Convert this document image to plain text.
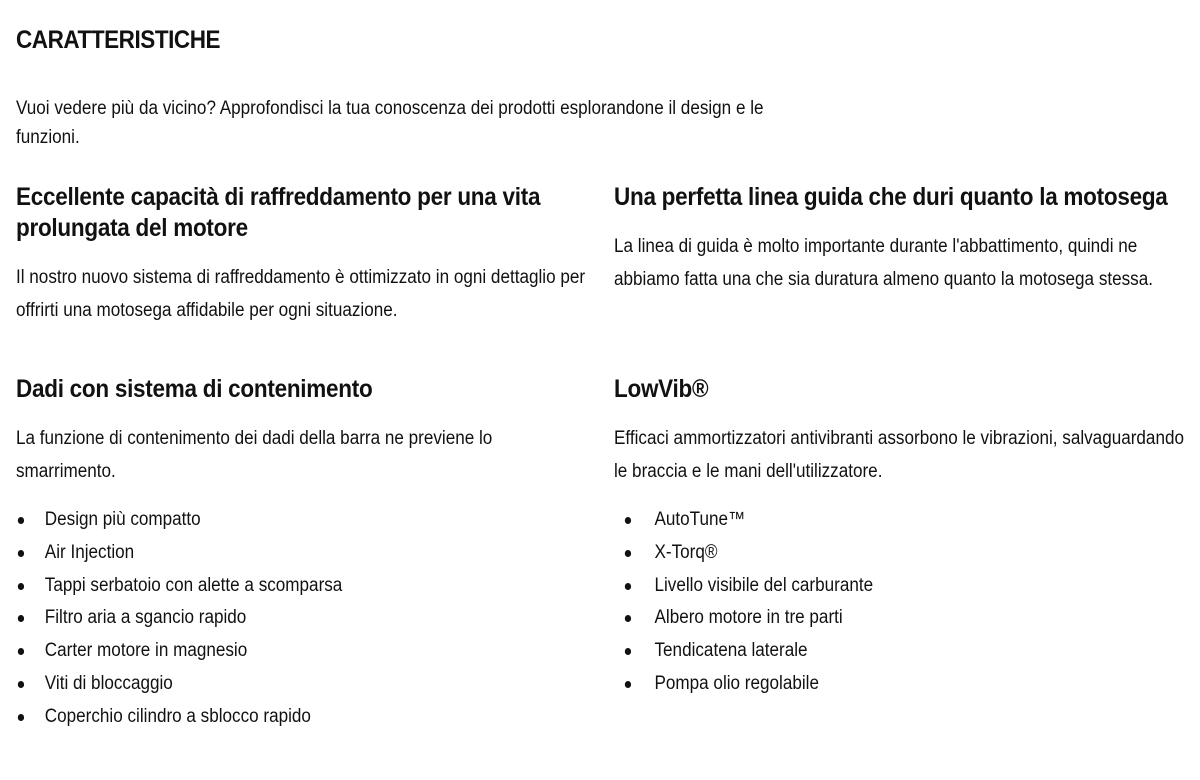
CARATTERISTICHE

Vuoi vedere più da vicino? Approfondisci la tua conoscenza dei prodotti esplorandone il design e le funzioni.

Eccellente capacità di raffreddamento per una vita prolungata del motore

Il nostro nuovo sistema di raffreddamento è ottimizzato in ogni dettaglio per offrirti una motosega affidabile per ogni situazione.

Dadi con sistema di contenimento

La funzione di contenimento dei dadi della barra ne previene lo smarrimento.

Design più compatto
Air Injection
Tappi serbatoio con alette a scomparsa
Filtro aria a sgancio rapido
Carter motore in magnesio
Viti di bloccaggio
Coperchio cilindro a sblocco rapido
Una perfetta linea guida che duri quanto la motosega

La linea di guida è molto importante durante l'abbattimento, quindi ne abbiamo fatta una che sia duratura almeno quanto la motosega stessa.

LowVib®

Efficaci ammortizzatori antivibranti assorbono le vibrazioni, salvaguardando le braccia e le mani dell'utilizzatore.

AutoTune™
X-Torq®
Livello visibile del carburante
Albero motore in tre parti
Tendicatena laterale
Pompa olio regolabile
